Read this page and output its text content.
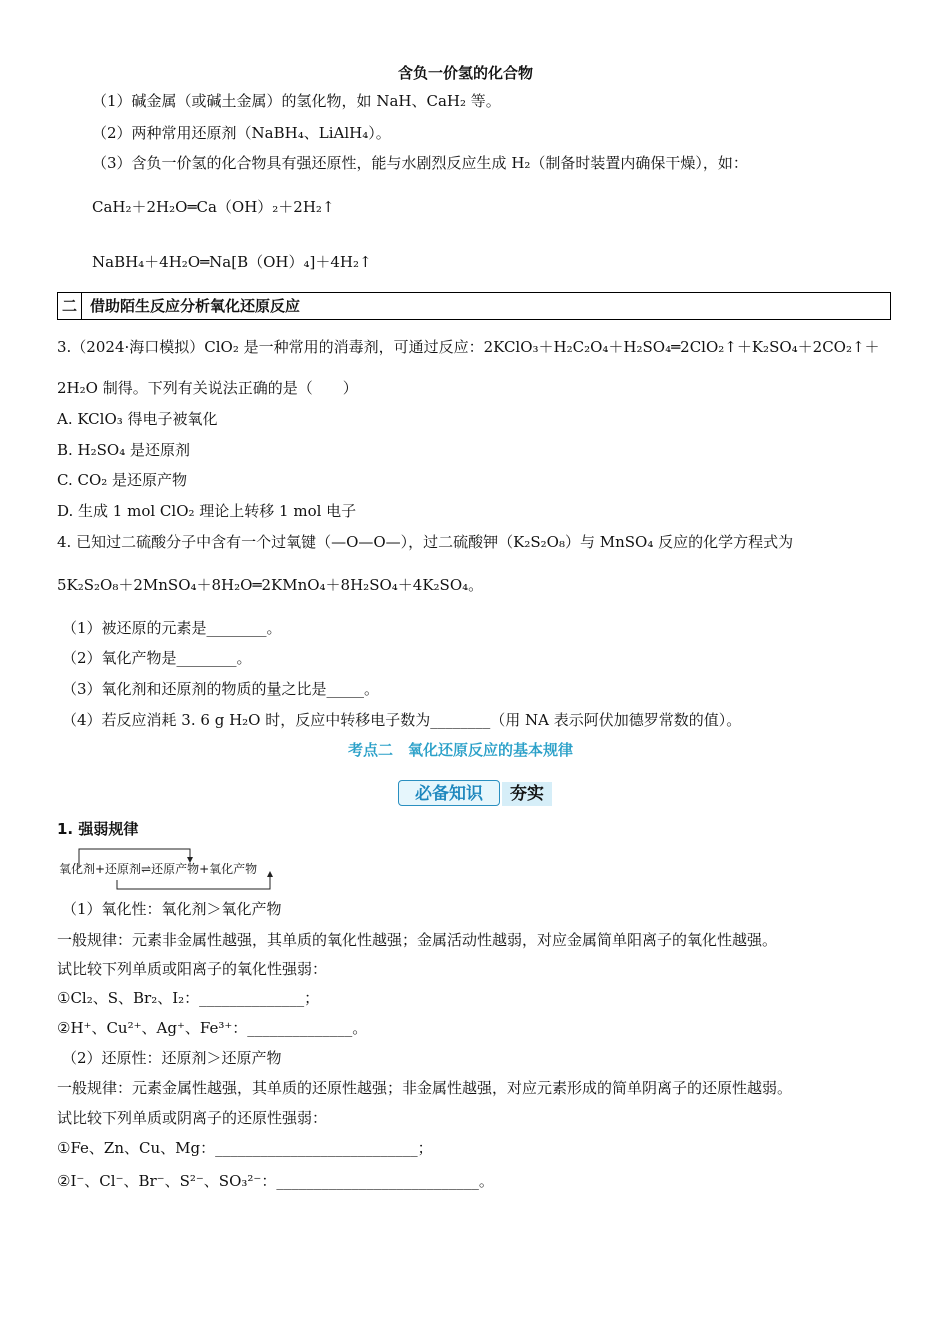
含负一价氢的化合物
（1）碱金属（或碱土金属）的氢化物，如 NaH、CaH₂ 等。
（2）两种常用还原剂（NaBH₄、LiAlH₄）。
（3）含负一价氢的化合物具有强还原性，能与水剧烈反应生成 H₂（制备时装置内确保干燥），如：
CaH₂＋2H₂O═Ca（OH）₂＋2H₂↑
NaBH₄＋4H₂O═Na[B（OH）₄]＋4H₂↑
二 借助陌生反应分析氧化还原反应
3.（2024·海口模拟）ClO₂ 是一种常用的消毒剂，可通过反应：2KClO₃＋H₂C₂O₄＋H₂SO₄═2ClO₂↑＋K₂SO₄＋2CO₂↑＋
2H₂O 制得。下列有关说法正确的是（　　）
A. KClO₃ 得电子被氧化
B. H₂SO₄ 是还原剂
C. CO₂ 是还原产物
D. 生成 1 mol ClO₂ 理论上转移 1 mol 电子
4. 已知过二硫酸分子中含有一个过氧键（—O—O—），过二硫酸钾（K₂S₂O₈）与 MnSO₄ 反应的化学方程式为
5K₂S₂O₈＋2MnSO₄＋8H₂O═2KMnO₄＋8H₂SO₄＋4K₂SO₄。
（1）被还原的元素是________。
（2）氧化产物是________。
（3）氧化剂和还原剂的物质的量之比是_____。
（4）若反应消耗 3. 6 g H₂O 时，反应中转移电子数为________（用 NA 表示阿伏加德罗常数的值）。
考点二　氧化还原反应的基本规律
必备知识	夯实
1. 强弱规律
氧化剂+还原剂⇌还原产物+氧化产物
（1）氧化性：氧化剂＞氧化产物
一般规律：元素非金属性越强，其单质的氧化性越强；金属活动性越弱，对应金属简单阳离子的氧化性越强。
试比较下列单质或阳离子的氧化性强弱：
①Cl₂、S、Br₂、I₂：______________；
②H⁺、Cu²⁺、Ag⁺、Fe³⁺：______________。
（2）还原性：还原剂＞还原产物
一般规律：元素金属性越强，其单质的还原性越强；非金属性越强，对应元素形成的简单阴离子的还原性越弱。
试比较下列单质或阴离子的还原性强弱：
①Fe、Zn、Cu、Mg：___________________________；
②I⁻、Cl⁻、Br⁻、S²⁻、SO₃²⁻：___________________________。
